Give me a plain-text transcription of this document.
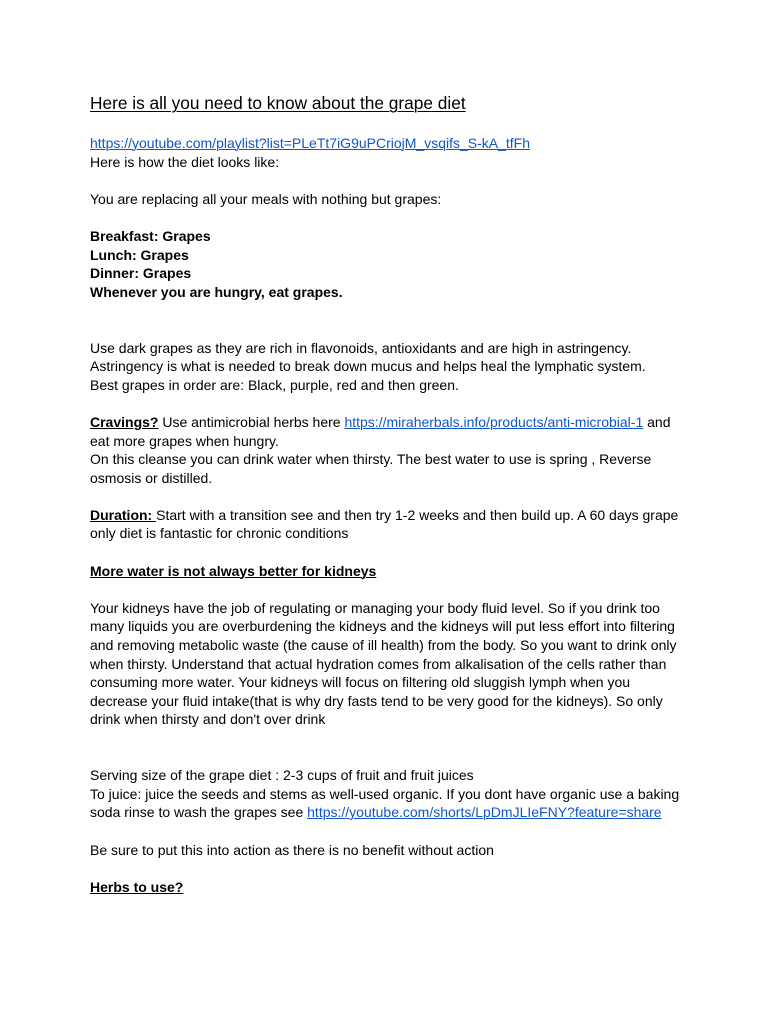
Here is all you need to know about the grape diet

https://youtube.com/playlist?list=PLeTt7iG9uPCriojM_vsqifs_S-kA_tfFh

Here is how the diet looks like:

You are replacing all your meals with nothing but grapes:

Breakfast: Grapes

Lunch: Grapes

Dinner: Grapes

Whenever you are hungry, eat grapes.

Use dark grapes as they are rich in flavonoids, antioxidants and are high in astringency.

Astringency is what is needed to break down mucus and helps heal the lymphatic system.

Best grapes in order are: Black, purple, red and then green.

Cravings? Use antimicrobial herbs here https://miraherbals.info/products/anti-microbial-1 and

eat more grapes when hungry.

On this cleanse you can drink water when thirsty. The best water to use is spring , Reverse

osmosis or distilled.

Duration: Start with a transition see and then try 1-2 weeks and then build up. A 60 days grape

only diet is fantastic for chronic conditions

More water is not always better for kidneys

Your kidneys have the job of regulating or managing your body fluid level. So if you drink too

many liquids you are overburdening the kidneys and the kidneys will put less effort into filtering

and removing metabolic waste (the cause of ill health) from the body. So you want to drink only

when thirsty. Understand that actual hydration comes from alkalisation of the cells rather than

consuming more water. Your kidneys will focus on filtering old sluggish lymph when you

decrease your fluid intake(that is why dry fasts tend to be very good for the kidneys). So only

drink when thirsty and don't over drink

Serving size of the grape diet : 2-3 cups of fruit and fruit juices

To juice: juice the seeds and stems as well-used organic. If you dont have organic use a baking

soda rinse to wash the grapes see https://youtube.com/shorts/LpDmJLIeFNY?feature=share

Be sure to put this into action as there is no benefit without action

Herbs to use?
